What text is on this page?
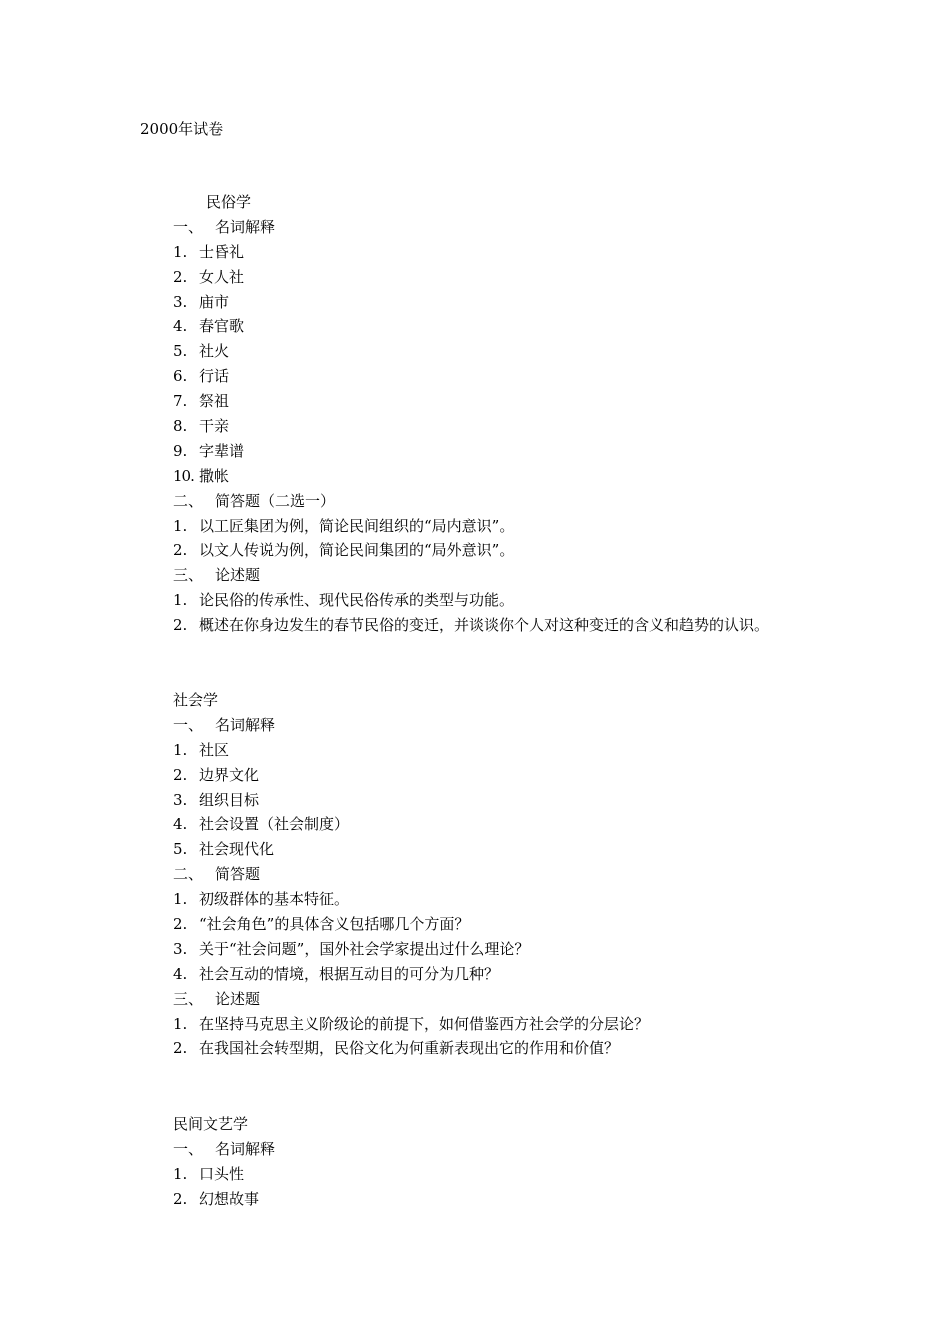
2000年试卷
民俗学
一、 名词解释
1. 士昏礼
2. 女人社
3. 庙市
4. 春官歌
5. 社火
6. 行话
7. 祭祖
8. 干亲
9. 字辈谱
10. 撒帐
二、 简答题（二选一）
1. 以工匠集团为例，简论民间组织的“局内意识”。
2. 以文人传说为例，简论民间集团的“局外意识”。
三、 论述题
1. 论民俗的传承性、现代民俗传承的类型与功能。
2. 概述在你身边发生的春节民俗的变迁，并谈谈你个人对这种变迁的含义和趋势的认识。
社会学
一、 名词解释
1. 社区
2. 边界文化
3. 组织目标
4. 社会设置（社会制度）
5. 社会现代化
二、 简答题
1. 初级群体的基本特征。
2. “社会角色”的具体含义包括哪几个方面？
3. 关于“社会问题”，国外社会学家提出过什么理论？
4. 社会互动的情境，根据互动目的可分为几种？
三、 论述题
1. 在坚持马克思主义阶级论的前提下，如何借鉴西方社会学的分层论？
2. 在我国社会转型期，民俗文化为何重新表现出它的作用和价值？
民间文艺学
一、 名词解释
1. 口头性
2. 幻想故事
